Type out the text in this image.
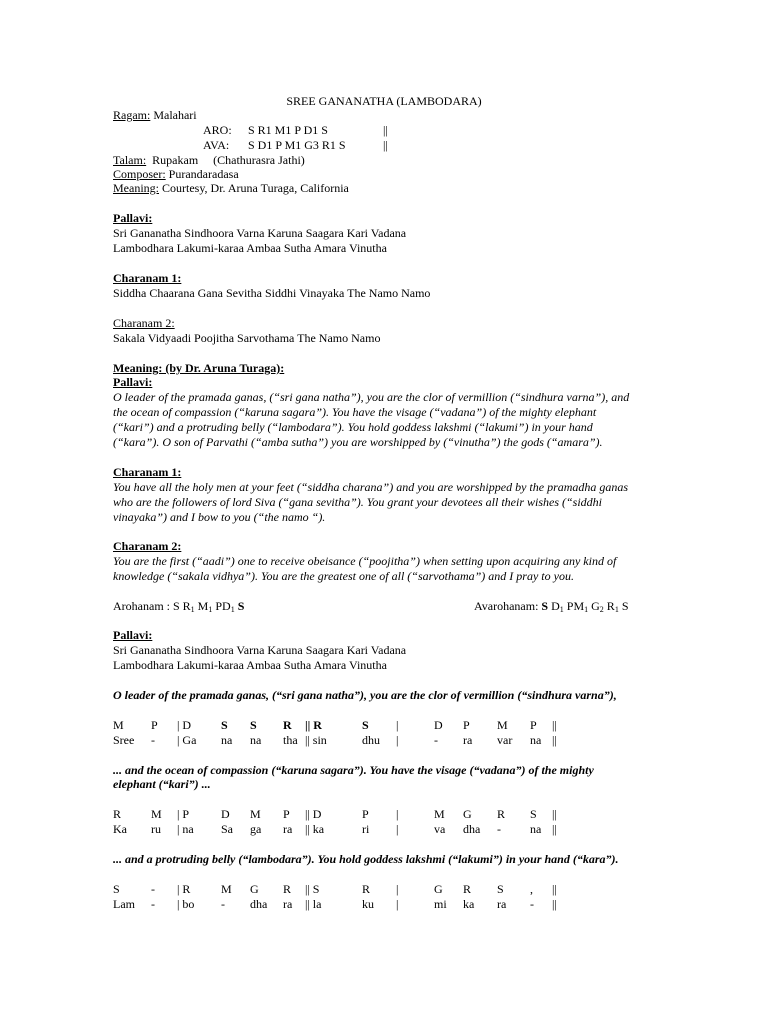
SREE GANANATHA (LAMBODARA)
Ragam: Malahari
ARO: S R1 M1 P D1 S	||
AVA: S D1 P M1 G3 R1 S	||
Talam:  Rupakam     (Chathurasra Jathi)
Composer: Purandaradasa
Meaning: Courtesy, Dr. Aruna Turaga, California
Pallavi:
Sri Gananatha Sindhoora Varna Karuna Saagara Kari Vadana
Lambodhara Lakumi-karaa Ambaa Sutha Amara Vinutha
Charanam 1:
Siddha Chaarana Gana Sevitha Siddhi Vinayaka The Namo Namo
Charanam 2:
Sakala Vidyaadi Poojitha Sarvothama The Namo Namo
Meaning: (by Dr. Aruna Turaga):
Pallavi:
O leader of the pramada ganas, (“sri gana natha”), you are the clor of vermillion (“sindhura varna”), and
the ocean of compassion (“karuna sagara”). You have the visage (“vadana”) of the mighty elephant
(“kari”) and a protruding belly (“lambodara”). You hold goddess lakshmi (“lakumi”) in your hand
(“kara”). O son of Parvathi (“amba sutha”) you are worshipped by (“vinutha”) the gods (“amara”).
Charanam 1:
You have all the holy men at your feet (“siddha charana”) and you are worshipped by the pramadha ganas
who are the followers of lord Siva (“gana sevitha”). You grant your devotees all their wishes (“siddhi
vinayaka”) and I bow to you (“the namo “).
Charanam 2:
You are the first (“aadi”) one to receive obeisance (“poojitha”) when setting upon acquiring any kind of
knowledge (“sakala vidhya”). You are the greatest one of all (“sarvothama”) and I pray to you.
Arohanam : S $R_1$ $M_1$ $PD_1$ S	Avarohanam: S $D_1$ $PM_1$ $G_2$ $R_1$ S
Pallavi:
Sri Gananatha Sindhoora Varna Karuna Saagara Kari Vadana
Lambodhara Lakumi-karaa Ambaa Sutha Amara Vinutha
O leader of the pramada ganas, (“sri gana natha”), you are the clor of vermillion (“sindhura varna”),
M P | D S S R || R	S |	D P M P ||
Sree - | Ga na na tha || sin	dhu |	- ra var na ||
... and the ocean of compassion (“karuna sagara”). You have the visage (“vadana”) of the mighty
elephant (“kari”) ...
R M | P	D M P || D	P |	M G R S ||
Ka ru | na Sa ga ra || ka	ri |	va dha - na ||
... and a protruding belly (“lambodara”). You hold goddess lakshmi (“lakumi”) in your hand (“kara”).
S	- | R	M G R || S	R |	G R S , ||
Lam - | bo - dha ra || la	ku |	mi ka ra - ||
